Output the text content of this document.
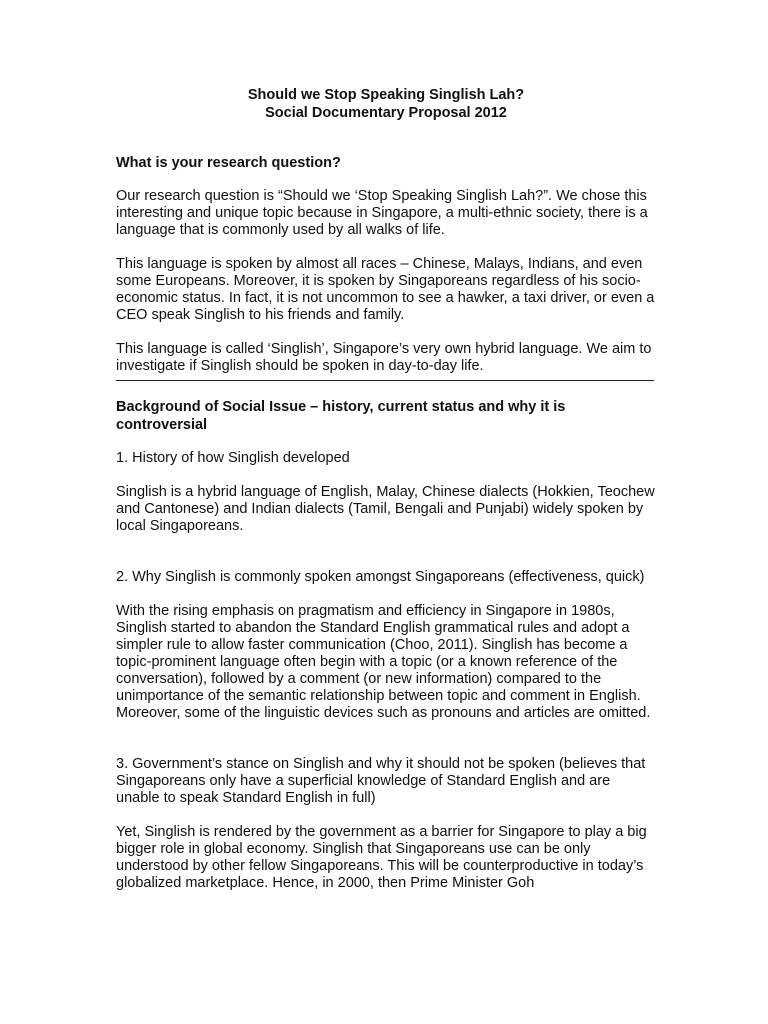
Should we Stop Speaking Singlish Lah?
Social Documentary Proposal 2012
What is your research question?
Our research question is “Should we ‘Stop Speaking Singlish Lah?”. We chose this interesting and unique topic because in Singapore, a multi-ethnic society, there is a language that is commonly used by all walks of life.
This language is spoken by almost all races – Chinese, Malays, Indians, and even some Europeans. Moreover, it is spoken by Singaporeans regardless of his socio-economic status. In fact, it is not uncommon to see a hawker, a taxi driver, or even a CEO speak Singlish to his friends and family.
This language is called ‘Singlish’, Singapore’s very own hybrid language. We aim to investigate if Singlish should be spoken in day-to-day life.
Background of Social Issue – history, current status and why it is controversial
1. History of how Singlish developed
Singlish is a hybrid language of English, Malay, Chinese dialects (Hokkien, Teochew and Cantonese) and Indian dialects (Tamil, Bengali and Punjabi) widely spoken by local Singaporeans.
2. Why Singlish is commonly spoken amongst Singaporeans (effectiveness, quick)
With the rising emphasis on pragmatism and efficiency in Singapore in 1980s, Singlish started to abandon the Standard English grammatical rules and adopt a simpler rule to allow faster communication (Choo, 2011). Singlish has become a topic-prominent language often begin with a topic (or a known reference of the conversation), followed by a comment (or new information) compared to the unimportance of the semantic relationship between topic and comment in English. Moreover, some of the linguistic devices such as pronouns and articles are omitted.
3. Government’s stance on Singlish and why it should not be spoken (believes that Singaporeans only have a superficial knowledge of Standard English and are unable to speak Standard English in full)
Yet, Singlish is rendered by the government as a barrier for Singapore to play a big bigger role in global economy. Singlish that Singaporeans use can be only understood by other fellow Singaporeans. This will be counterproductive in today’s globalized marketplace. Hence, in 2000, then Prime Minister Goh
